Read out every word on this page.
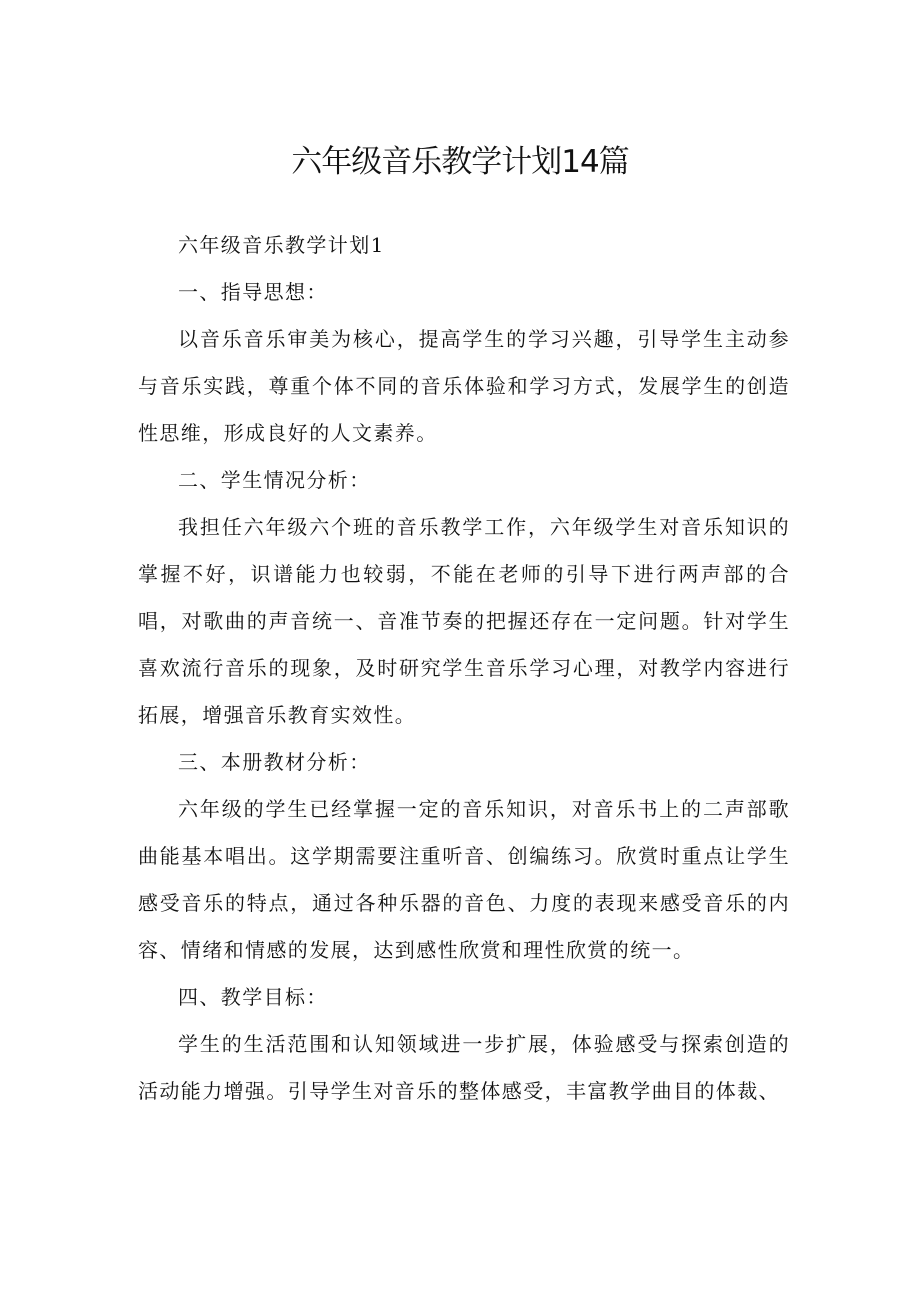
六年级音乐教学计划14篇

六年级音乐教学计划1

一、指导思想：

以音乐音乐审美为核心，提高学生的学习兴趣，引导学生主动参与音乐实践，尊重个体不同的音乐体验和学习方式，发展学生的创造性思维，形成良好的人文素养。

二、学生情况分析：

我担任六年级六个班的音乐教学工作，六年级学生对音乐知识的掌握不好，识谱能力也较弱，不能在老师的引导下进行两声部的合唱，对歌曲的声音统一、音准节奏的把握还存在一定问题。针对学生喜欢流行音乐的现象，及时研究学生音乐学习心理，对教学内容进行拓展，增强音乐教育实效性。

三、本册教材分析：

六年级的学生已经掌握一定的音乐知识，对音乐书上的二声部歌曲能基本唱出。这学期需要注重听音、创编练习。欣赏时重点让学生感受音乐的特点，通过各种乐器的音色、力度的表现来感受音乐的内容、情绪和情感的发展，达到感性欣赏和理性欣赏的统一。

四、教学目标：

学生的生活范围和认知领域进一步扩展，体验感受与探索创造的活动能力增强。引导学生对音乐的整体感受，丰富教学曲目的体裁、
